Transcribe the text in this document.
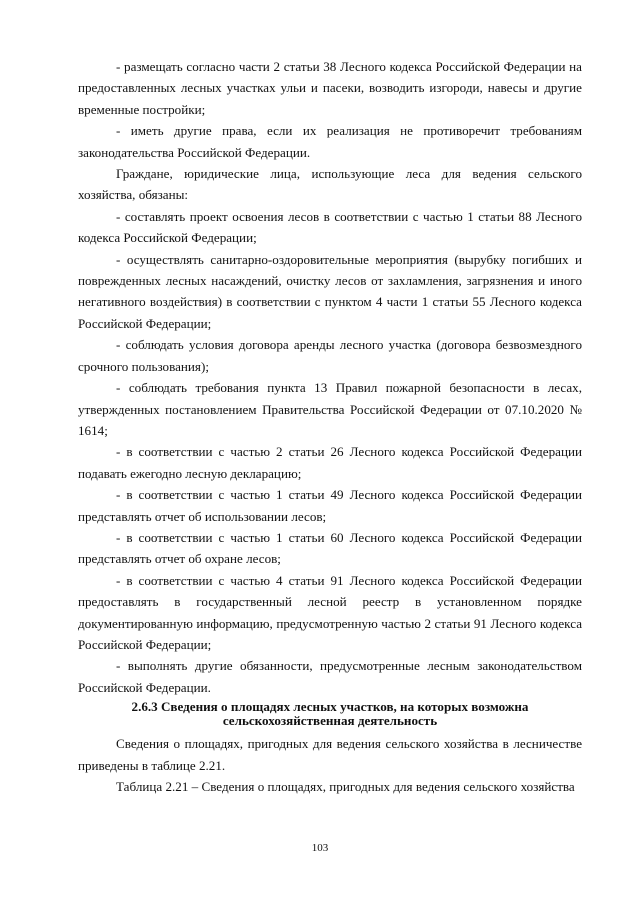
- размещать согласно части 2 статьи 38 Лесного кодекса Российской Федерации на предоставленных лесных участках ульи и пасеки, возводить изгороди, навесы и другие временные постройки;

- иметь другие права, если их реализация не противоречит требованиям законодательства Российской Федерации.

Граждане, юридические лица, использующие леса для ведения сельского хозяйства, обязаны:

- составлять проект освоения лесов в соответствии с частью 1 статьи 88 Лесного кодекса Российской Федерации;

- осуществлять санитарно-оздоровительные мероприятия (вырубку погибших и поврежденных лесных насаждений, очистку лесов от захламления, загрязнения и иного негативного воздействия) в соответствии с пунктом 4 части 1 статьи 55 Лесного кодекса Российской Федерации;

- соблюдать условия договора аренды лесного участка (договора безвозмездного срочного пользования);

- соблюдать требования пункта 13 Правил пожарной безопасности в лесах, утвержденных постановлением Правительства Российской Федерации от 07.10.2020 № 1614;

- в соответствии с частью 2 статьи 26 Лесного кодекса Российской Федерации подавать ежегодно лесную декларацию;

- в соответствии с частью 1 статьи 49 Лесного кодекса Российской Федерации представлять отчет об использовании лесов;

- в соответствии с частью 1 статьи 60 Лесного кодекса Российской Федерации представлять отчет об охране лесов;

- в соответствии с частью 4 статьи 91 Лесного кодекса Российской Федерации предоставлять в государственный лесной реестр в установленном порядке документированную информацию, предусмотренную частью 2 статьи 91 Лесного кодекса Российской Федерации;

- выполнять другие обязанности, предусмотренные лесным законодательством Российской Федерации.

2.6.3 Сведения о площадях лесных участков, на которых возможна сельскохозяйственная деятельность

Сведения о площадях, пригодных для ведения сельского хозяйства в лесничестве приведены в таблице 2.21.

Таблица 2.21 – Сведения о площадях, пригодных для ведения сельского хозяйства

103
